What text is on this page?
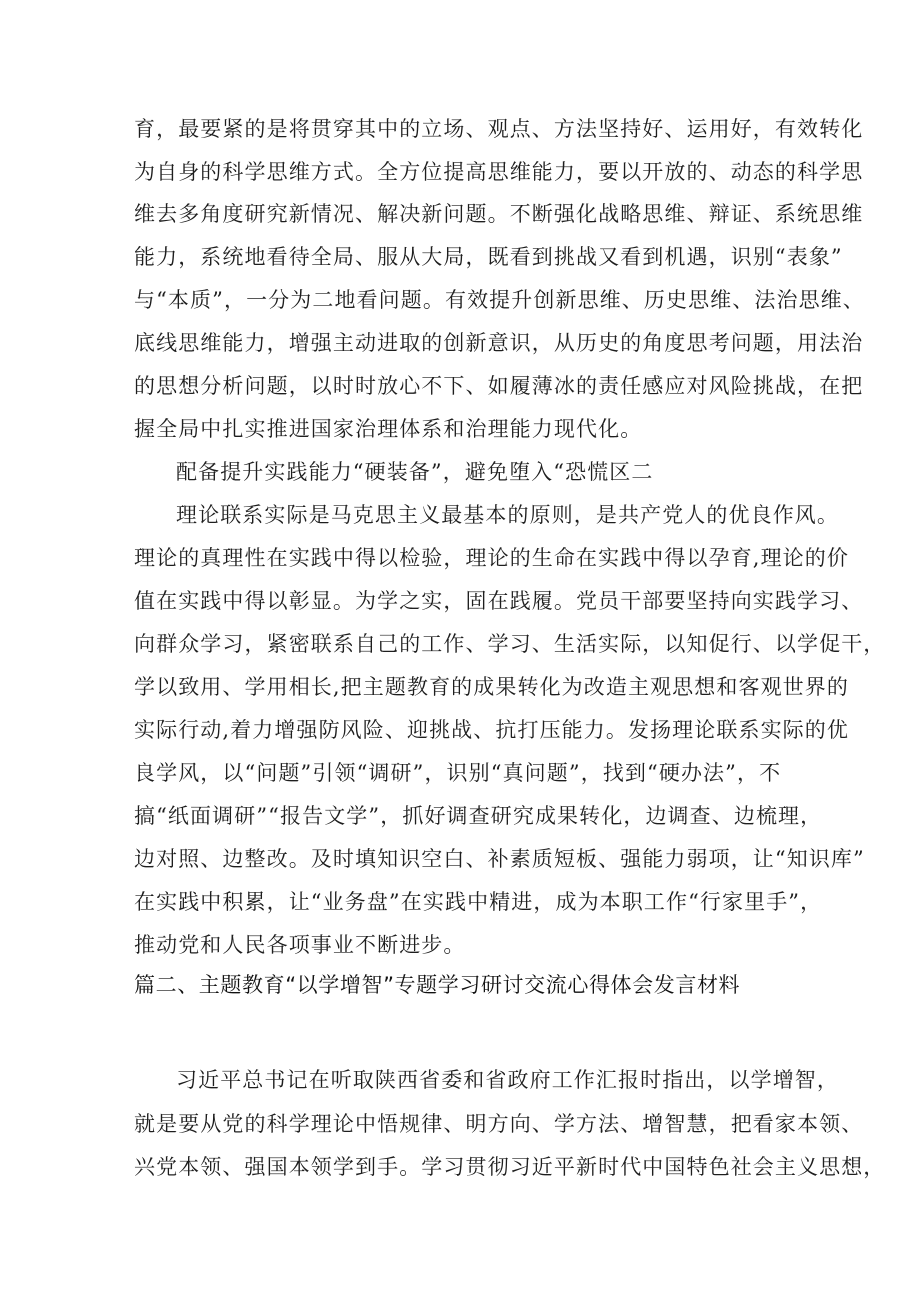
育，最要紧的是将贯穿其中的立场、观点、方法坚持好、运用好，有效转化
为自身的科学思维方式。全方位提高思维能力，要以开放的、动态的科学思
维去多角度研究新情况、解决新问题。不断强化战略思维、辩证、系统思维
能力，系统地看待全局、服从大局，既看到挑战又看到机遇，识别“表象”
与“本质”，一分为二地看问题。有效提升创新思维、历史思维、法治思维、
底线思维能力，增强主动进取的创新意识，从历史的角度思考问题，用法治
的思想分析问题，以时时放心不下、如履薄冰的责任感应对风险挑战，在把
握全局中扎实推进国家治理体系和治理能力现代化。
配备提升实践能力“硬装备”，避免堕入“恐慌区二
理论联系实际是马克思主义最基本的原则，是共产党人的优良作风。
理论的真理性在实践中得以检验，理论的生命在实践中得以孕育,理论的价
值在实践中得以彰显。为学之实，固在践履。党员干部要坚持向实践学习、
向群众学习，紧密联系自己的工作、学习、生活实际，以知促行、以学促干，
学以致用、学用相长,把主题教育的成果转化为改造主观思想和客观世界的
实际行动,着力增强防风险、迎挑战、抗打压能力。发扬理论联系实际的优
良学风，以“问题”引领“调研”，识别“真问题”，找到“硬办法”，不
搞“纸面调研”“报告文学”，抓好调查研究成果转化，边调查、边梳理，
边对照、边整改。及时填知识空白、补素质短板、强能力弱项，让“知识库”
在实践中积累，让“业务盘”在实践中精进，成为本职工作“行家里手”，
推动党和人民各项事业不断进步。
篇二、主题教育“以学增智”专题学习研讨交流心得体会发言材料
习近平总书记在听取陕西省委和省政府工作汇报时指出，以学增智，
就是要从党的科学理论中悟规律、明方向、学方法、增智慧，把看家本领、
兴党本领、强国本领学到手。学习贯彻习近平新时代中国特色社会主义思想，
